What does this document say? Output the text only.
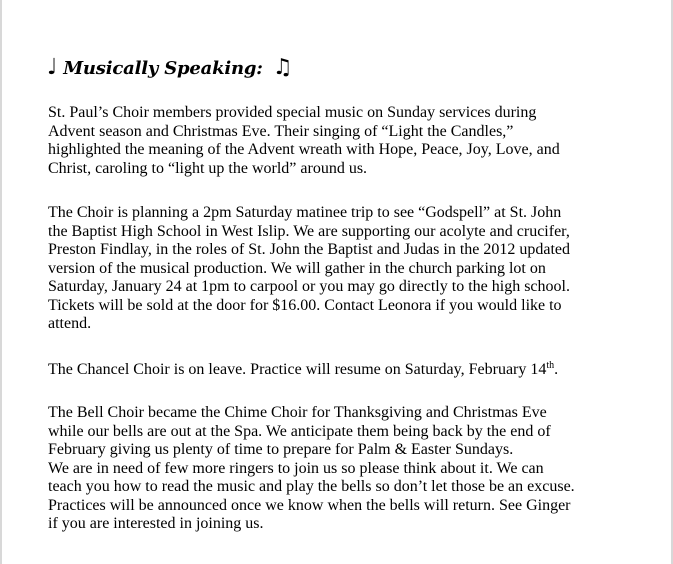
♩ Musically Speaking: ♫

St. Paul’s Choir members provided special music on Sunday services during
Advent season and Christmas Eve. Their singing of “Light the Candles,”
highlighted the meaning of the Advent wreath with Hope, Peace, Joy, Love, and
Christ, caroling to “light up the world” around us.

The Choir is planning a 2pm Saturday matinee trip to see “Godspell” at St. John
the Baptist High School in West Islip. We are supporting our acolyte and crucifer,
Preston Findlay, in the roles of St. John the Baptist and Judas in the 2012 updated
version of the musical production. We will gather in the church parking lot on
Saturday, January 24 at 1pm to carpool or you may go directly to the high school.
Tickets will be sold at the door for $16.00. Contact Leonora if you would like to
attend.

The Chancel Choir is on leave. Practice will resume on Saturday, February 14th.

The Bell Choir became the Chime Choir for Thanksgiving and Christmas Eve
while our bells are out at the Spa. We anticipate them being back by the end of
February giving us plenty of time to prepare for Palm & Easter Sundays.
We are in need of few more ringers to join us so please think about it. We can
teach you how to read the music and play the bells so don’t let those be an excuse.
Practices will be announced once we know when the bells will return. See Ginger
if you are interested in joining us.
